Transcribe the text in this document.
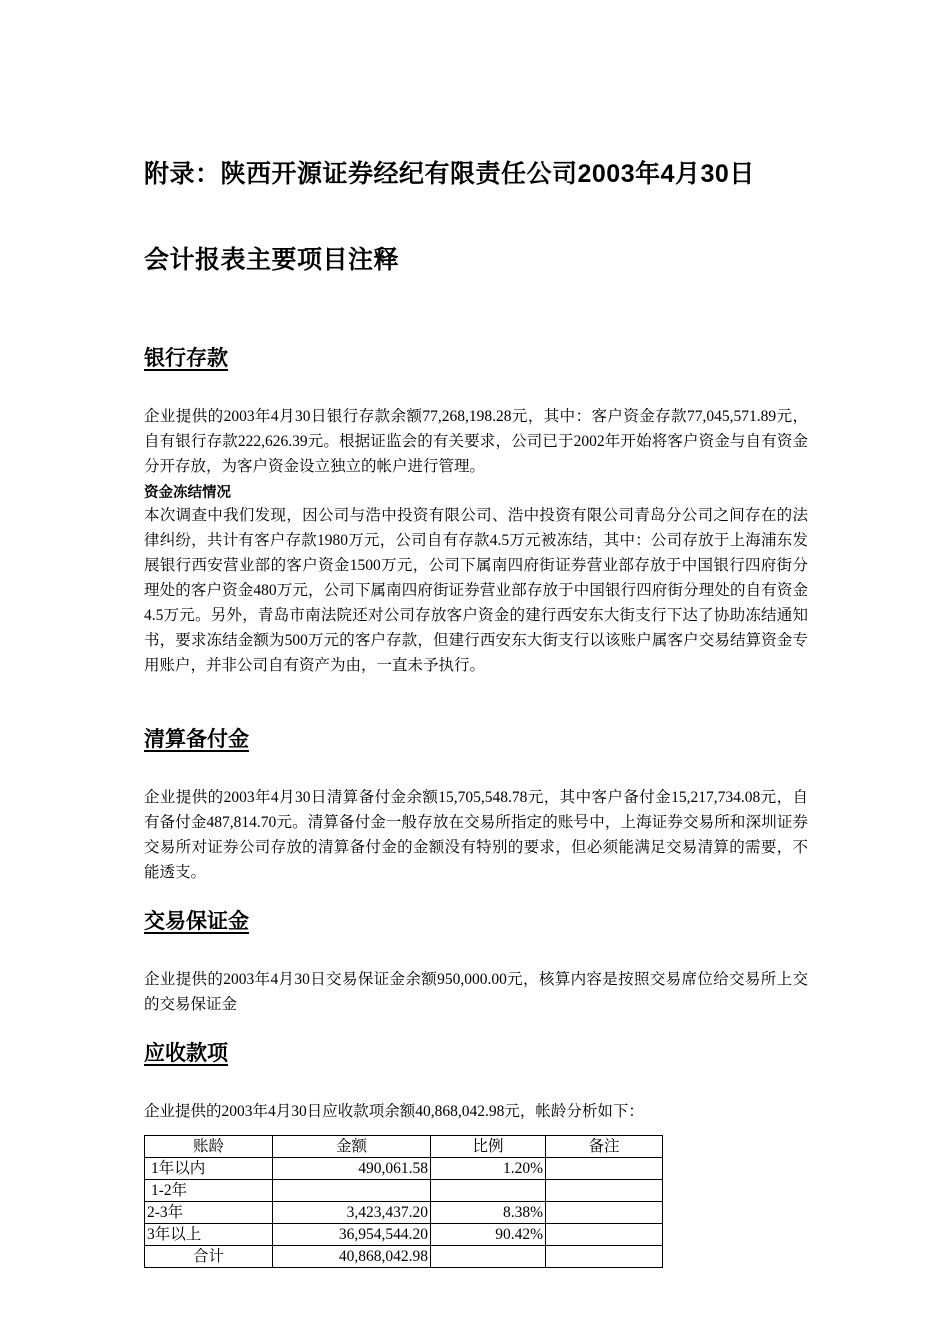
附录：陕西开源证券经纪有限责任公司2003年4月30日
会计报表主要项目注释
银行存款
企业提供的2003年4月30日银行存款余额77,268,198.28元，其中：客户资金存款77,045,571.89元，自有银行存款222,626.39元。根据证监会的有关要求，公司已于2002年开始将客户资金与自有资金分开存放，为客户资金设立独立的帐户进行管理。
资金冻结情况
本次调查中我们发现，因公司与浩中投资有限公司、浩中投资有限公司青岛分公司之间存在的法律纠纷，共计有客户存款1980万元，公司自有存款4.5万元被冻结，其中：公司存放于上海浦东发展银行西安营业部的客户资金1500万元，公司下属南四府街证券营业部存放于中国银行四府街分理处的客户资金480万元，公司下属南四府街证券营业部存放于中国银行四府街分理处的自有资金4.5万元。另外，青岛市南法院还对公司存放客户资金的建行西安东大街支行下达了协助冻结通知书，要求冻结金额为500万元的客户存款，但建行西安东大街支行以该账户属客户交易结算资金专用账户，并非公司自有资产为由，一直未予执行。
清算备付金
企业提供的2003年4月30日清算备付金余额15,705,548.78元，其中客户备付金15,217,734.08元，自有备付金487,814.70元。清算备付金一般存放在交易所指定的账号中，上海证券交易所和深圳证券交易所对证券公司存放的清算备付金的金额没有特别的要求，但必须能满足交易清算的需要，不能透支。
交易保证金
企业提供的2003年4月30日交易保证金余额950,000.00元，核算内容是按照交易席位给交易所上交的交易保证金
应收款项
企业提供的2003年4月30日应收款项余额40,868,042.98元，帐龄分析如下：
账龄	金额	比例	备注
1年以内	490,061.58	1.20%	
1-2年			
2-3年	3,423,437.20	8.38%	
3年以上	36,954,544.20	90.42%	
合计	40,868,042.98		
